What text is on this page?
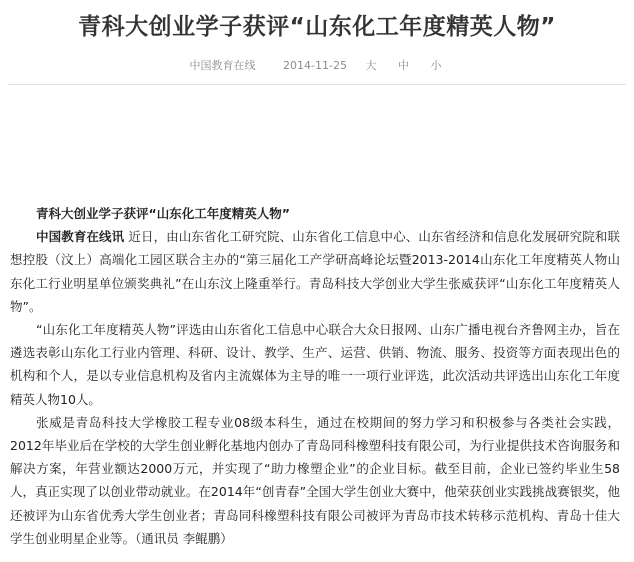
青科大创业学子获评“山东化工年度精英人物”
中国教育在线	2014-11-25 大 中 小

青科大创业学子获评“山东化工年度精英人物”

中国教育在线讯 近日，由山东省化工研究院、山东省化工信息中心、山东省经济和信息化发展研究院和联想控股（汶上）高端化工园区联合主办的“第三届化工产学研高峰论坛暨2013-2014山东化工年度精英人物山东化工行业明星单位颁奖典礼”在山东汶上隆重举行。青岛科技大学创业大学生张威获评“山东化工年度精英人物”。

“山东化工年度精英人物”评选由山东省化工信息中心联合大众日报网、山东广播电视台齐鲁网主办，旨在遴选表彰山东化工行业内管理、科研、设计、教学、生产、运营、供销、物流、服务、投资等方面表现出色的机构和个人，是以专业信息机构及省内主流媒体为主导的唯一一项行业评选，此次活动共评选出山东化工年度精英人物10人。

张威是青岛科技大学橡胶工程专业08级本科生，通过在校期间的努力学习和积极参与各类社会实践，2012年毕业后在学校的大学生创业孵化基地内创办了青岛同科橡塑科技有限公司，为行业提供技术咨询服务和解决方案，年营业额达2000万元，并实现了“助力橡塑企业”的企业目标。截至目前，企业已签约毕业生58人，真正实现了以创业带动就业。在2014年“创青春”全国大学生创业大赛中，他荣获创业实践挑战赛银奖，他还被评为山东省优秀大学生创业者；青岛同科橡塑科技有限公司被评为青岛市技术转移示范机构、青岛十佳大学生创业明星企业等。（通讯员 李鲲鹏）
